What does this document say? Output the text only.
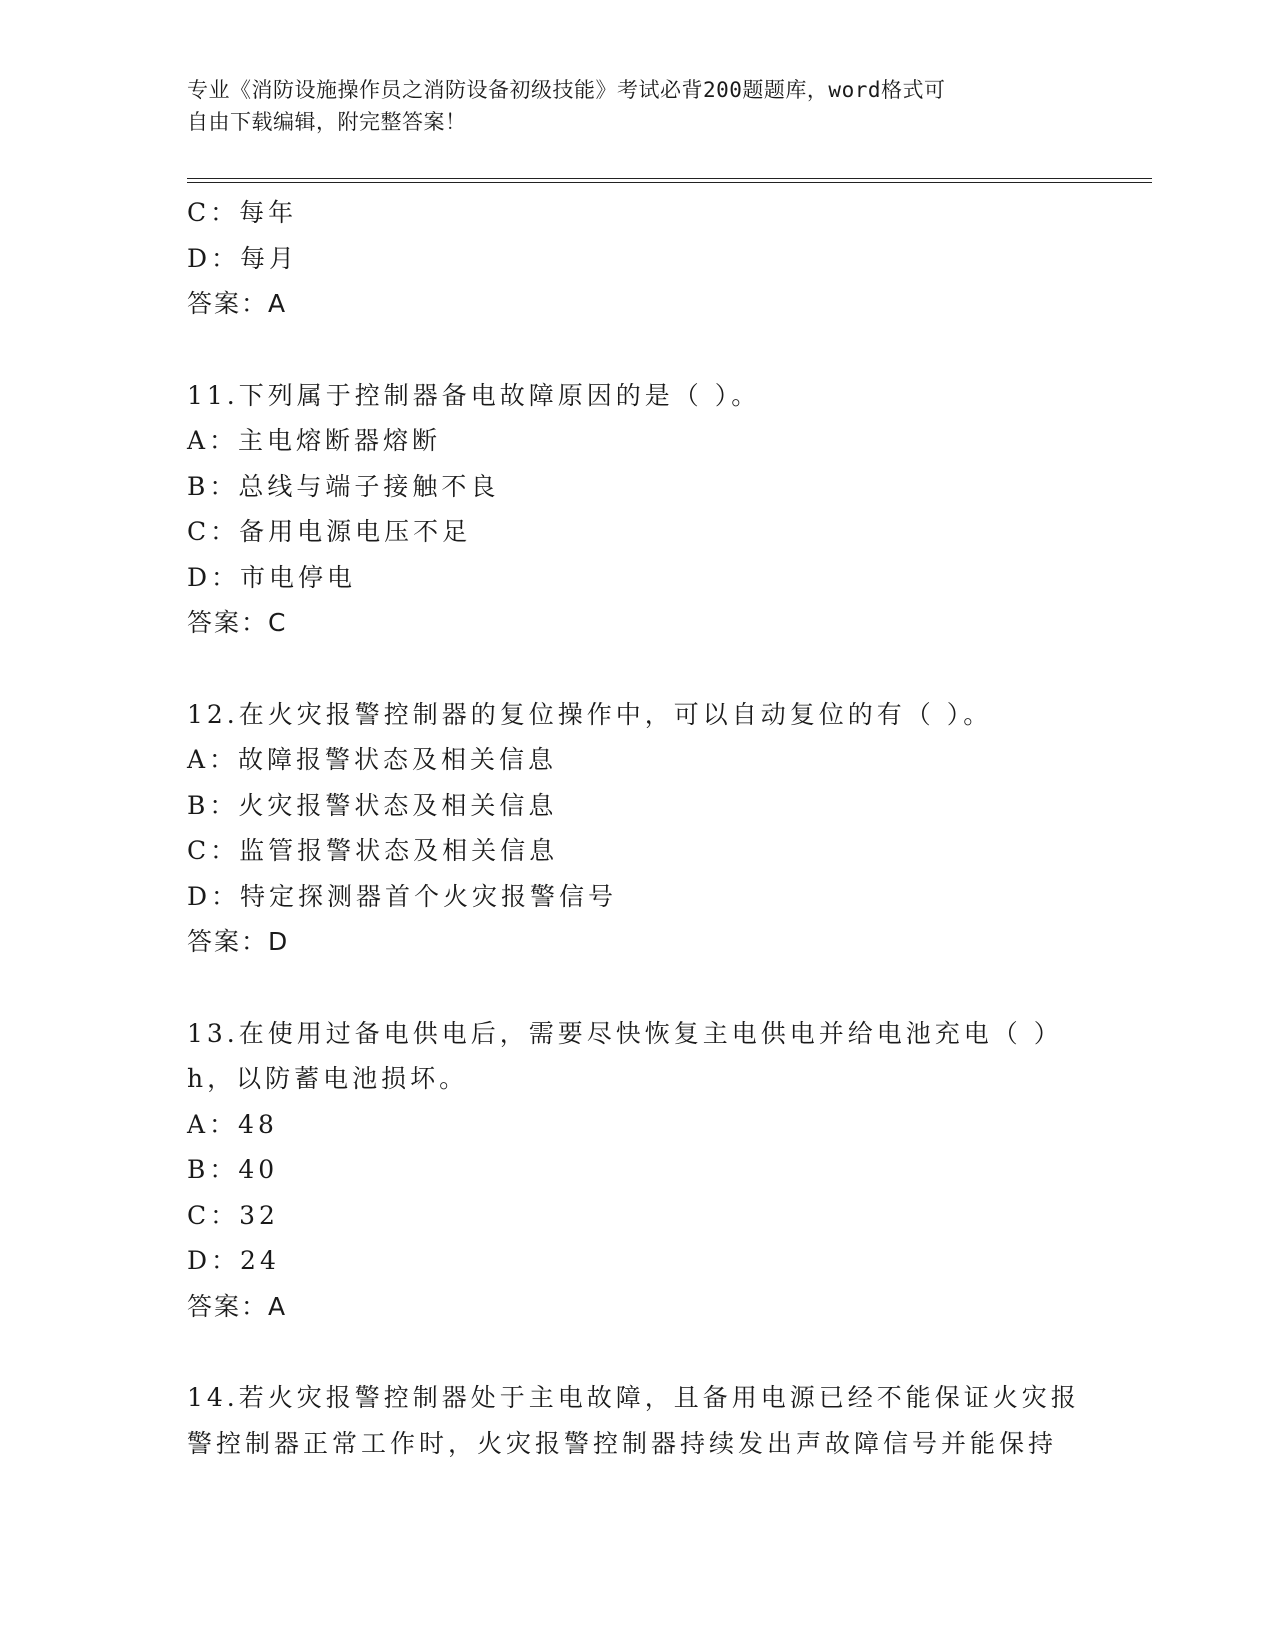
专业《消防设施操作员之消防设备初级技能》考试必背200题题库，word格式可
自由下载编辑，附完整答案！
C：每年
D：每月
答案：A
11.下列属于控制器备电故障原因的是（ ）。
A：主电熔断器熔断
B：总线与端子接触不良
C：备用电源电压不足
D：市电停电
答案：C
12.在火灾报警控制器的复位操作中，可以自动复位的有（ ）。
A：故障报警状态及相关信息
B：火灾报警状态及相关信息
C：监管报警状态及相关信息
D：特定探测器首个火灾报警信号
答案：D
13.在使用过备电供电后，需要尽快恢复主电供电并给电池充电（ ）
h，以防蓄电池损坏。
A：48
B：40
C：32
D：24
答案：A
14.若火灾报警控制器处于主电故障，且备用电源已经不能保证火灾报
警控制器正常工作时，火灾报警控制器持续发出声故障信号并能保持
